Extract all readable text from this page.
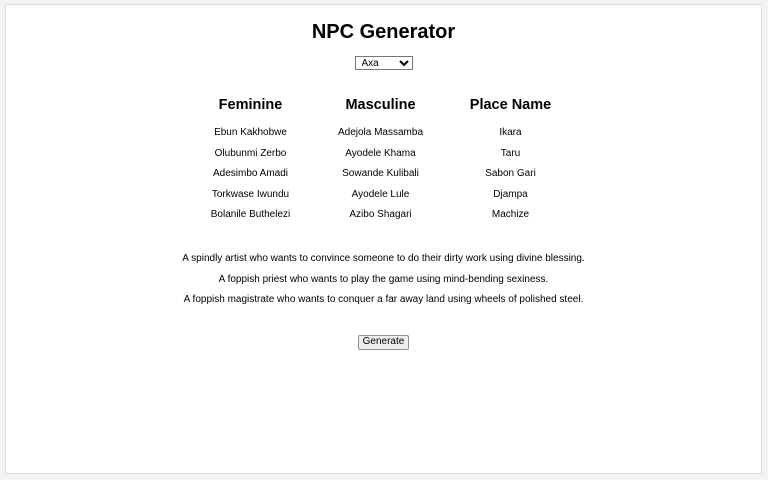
NPC Generator
Axa
Feminine
Ebun Kakhobwe
Olubunmi Zerbo
Adesimbo Amadi
Torkwase Iwundu
Bolanile Buthelezi
Masculine
Adejola Massamba
Ayodele Khama
Sowande Kulibali
Ayodele Lule
Azibo Shagari
Place Name
Ikara
Taru
Sabon Gari
Djampa
Machize

A spindly artist who wants to convince someone to do their dirty work using divine blessing.

A foppish priest who wants to play the game using mind-bending sexiness.

A foppish magistrate who wants to conquer a far away land using wheels of polished steel.

Generate
